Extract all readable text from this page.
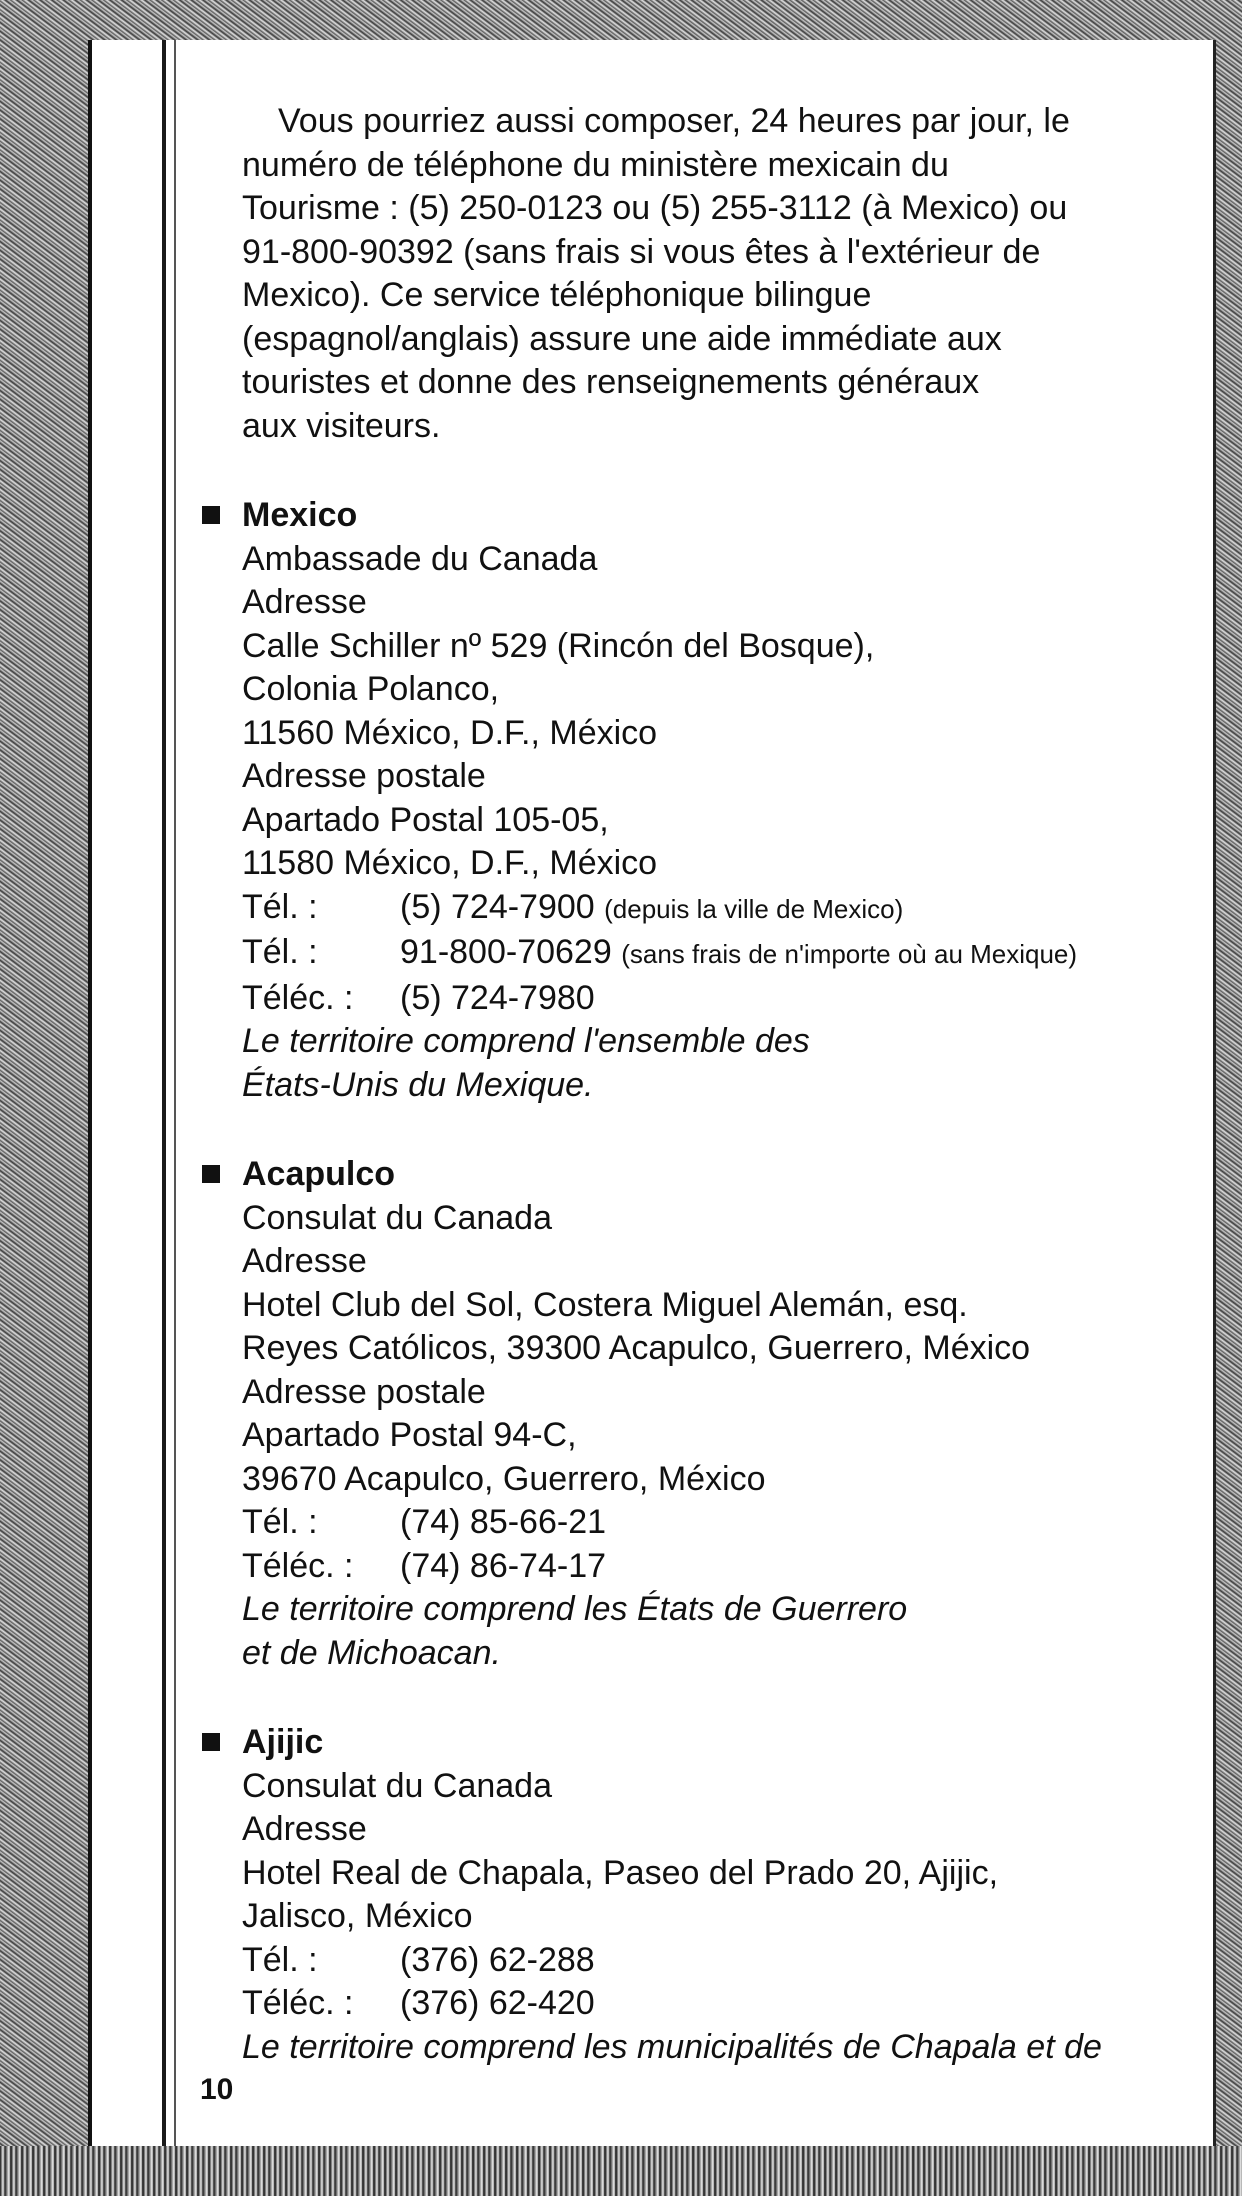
Vous pourriez aussi composer, 24 heures par jour, le
numéro de téléphone du ministère mexicain du
Tourisme : (5) 250-0123 ou (5) 255-3112 (à Mexico) ou
91-800-90392 (sans frais si vous êtes à l'extérieur de
Mexico). Ce service téléphonique bilingue
(espagnol/anglais) assure une aide immédiate aux
touristes et donne des renseignements généraux
aux visiteurs.

Mexico

Ambassade du Canada

Adresse

Calle Schiller nº 529 (Rincón del Bosque),

Colonia Polanco,

11560 México, D.F., México

Adresse postale

Apartado Postal 105-05,

11580 México, D.F., México

Tél. :	(5) 724-7900 (depuis la ville de Mexico)
Tél. :	91-800-70629 (sans frais de n'importe où au Mexique)
Téléc. :	(5) 724-7980

Le territoire comprend l'ensemble des

États-Unis du Mexique.

Acapulco

Consulat du Canada

Adresse

Hotel Club del Sol, Costera Miguel Alemán, esq.

Reyes Católicos, 39300 Acapulco, Guerrero, México

Adresse postale

Apartado Postal 94-C,

39670 Acapulco, Guerrero, México

Tél. :	(74) 85-66-21
Téléc. :	(74) 86-74-17

Le territoire comprend les États de Guerrero

et de Michoacan.

Ajijic

Consulat du Canada

Adresse

Hotel Real de Chapala, Paseo del Prado 20, Ajijic,

Jalisco, México

Tél. :	(376) 62-288
Téléc. :	(376) 62-420

Le territoire comprend les municipalités de Chapala et de

10
